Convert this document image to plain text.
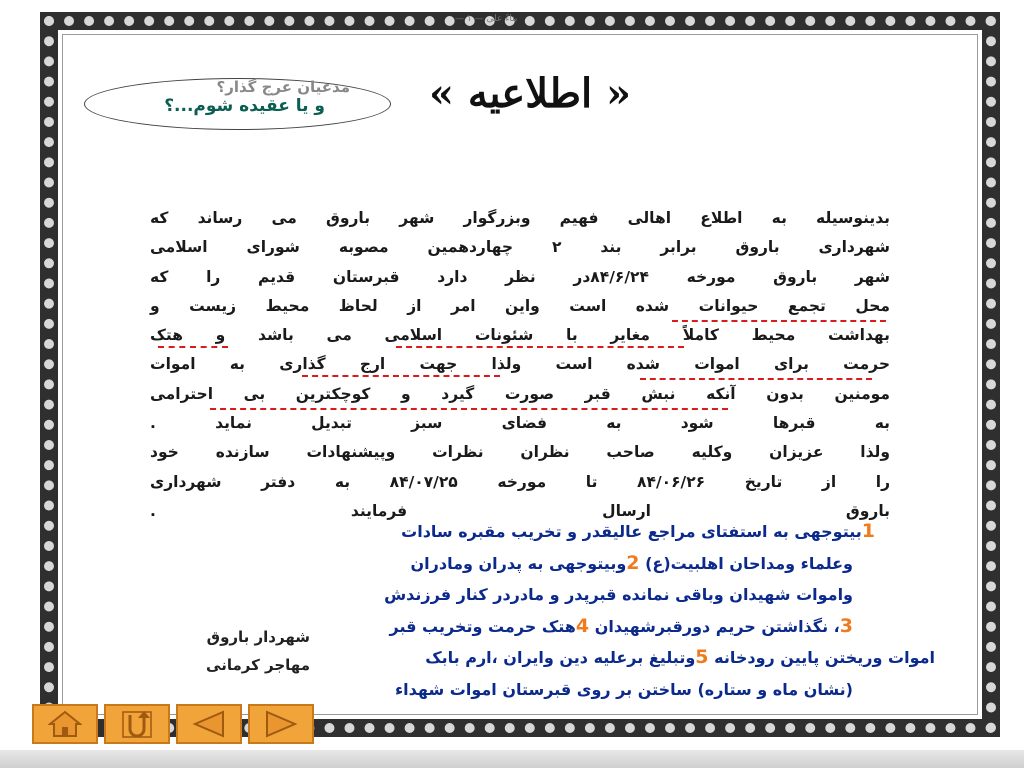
بناءً على — ١ —
« اطلاعیه »
مدعیان عرج گذار؟
و یا عقیده شوم...؟
بدینوسیله به اطلاع اهالی فهیم وبزرگوار شهر باروق می رساند که
شهرداری باروق برابر بند ۲ چهاردهمین مصوبه شورای اسلامی
شهر باروق مورخه ۸۴/۶/۲۴در نظر دارد قبرستان قدیم را که
محل تجمع حیوانات شده است واین امر از لحاظ محیط زیست و
بهداشت محیط کاملاً مغایر با شئونات اسلامی می باشد و هتک
حرمت برای اموات شده است ولذا جهت ارج گذاری به اموات
مومنین بدون آنکه نبش قبر صورت گیرد و کوچکترین بی احترامی
به قبرها شود به فضای سبز تبدیل نماید .
ولذا عزیزان وکلیه صاحب نظران نظرات وپیشنهادات سازنده خود
را از تاریخ ۸۴/۰۶/۲۶ تا مورخه ۸۴/۰۷/۲۵ به دفتر شهرداری
باروق ارسال فرمایند .
شهردار باروق
مهاجر کرمانی
1بیتوجهی به استفتای مراجع عالیقدر و تخریب مقبره سادات
وعلماء ومداحان اهلبیت(ع) 2وبیتوجهی به پدران ومادران
واموات شهیدان وباقی نمانده قبرپدر و مادردر کنار فرزندش
3، نگذاشتن حریم دورقبرشهیدان 4هتک حرمت وتخریب قبر
اموات وریختن پایین رودخانه 5وتبلیغ برعلیه دین وایران ،ارم بابک
(نشان ماه و ستاره) ساختن بر روی قبرستان اموات شهداء
